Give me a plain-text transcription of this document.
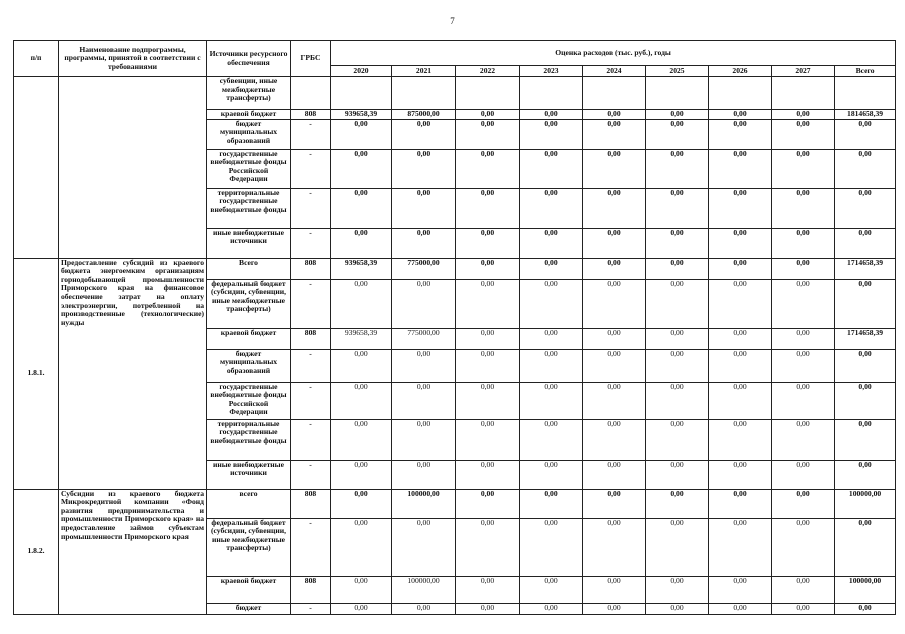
7
п/п	Наименование подпрограммы, программы, принятой в соответствии с требованиями	Источники ресурсного обеспечения	ГРБС	Оценка расходов (тыс. руб.), годы								
				2020	2021	2022	2023	2024	2025	2026	2027	Всего
		субвенции, иные межбюджетные трансферты)										
		краевой бюджет	808	939658,39	875000,00	0,00	0,00	0,00	0,00	0,00	0,00	1814658,39
		бюджет муниципальных образований	-	0,00	0,00	0,00	0,00	0,00	0,00	0,00	0,00	0,00
		государственные внебюджетные фонды Российской Федерации	-	0,00	0,00	0,00	0,00	0,00	0,00	0,00	0,00	0,00
		территориальные государственные внебюджетные фонды	-	0,00	0,00	0,00	0,00	0,00	0,00	0,00	0,00	0,00
		иные внебюджетные источники	-	0,00	0,00	0,00	0,00	0,00	0,00	0,00	0,00	0,00
1.8.1.	Предоставление субсидий из краевого бюджета энергоемким организациям горнодобывающей промышленности Приморского края на финансовое обеспечение затрат на оплату электроэнергии, потребленной на производственные (технологические) нужды	Всего	808	939658,39	775000,00	0,00	0,00	0,00	0,00	0,00	0,00	1714658,39
		федеральный бюджет (субсидии, субвенции, иные межбюджетные трансферты)	-	0,00	0,00	0,00	0,00	0,00	0,00	0,00	0,00	0,00
		краевой бюджет	808	939658,39	775000,00	0,00	0,00	0,00	0,00	0,00	0,00	1714658,39
		бюджет муниципальных образований	-	0,00	0,00	0,00	0,00	0,00	0,00	0,00	0,00	0,00
		государственные внебюджетные фонды Российской Федерации	-	0,00	0,00	0,00	0,00	0,00	0,00	0,00	0,00	0,00
		территориальные государственные внебюджетные фонды	-	0,00	0,00	0,00	0,00	0,00	0,00	0,00	0,00	0,00
		иные внебюджетные источники	-	0,00	0,00	0,00	0,00	0,00	0,00	0,00	0,00	0,00
1.8.2.	Субсидии из краевого бюджета Микрокредитной компании «Фонд развития предпринимательства и промышленности Приморского края» на предоставление займов субъектам промышленности Приморского края	всего	808	0,00	100000,00	0,00	0,00	0,00	0,00	0,00	0,00	100000,00
		федеральный бюджет (субсидии, субвенции, иные межбюджетные трансферты)	-	0,00	0,00	0,00	0,00	0,00	0,00	0,00	0,00	0,00
		краевой бюджет	808	0,00	100000,00	0,00	0,00	0,00	0,00	0,00	0,00	100000,00
		бюджет	-	0,00	0,00	0,00	0,00	0,00	0,00	0,00	0,00	0,00
